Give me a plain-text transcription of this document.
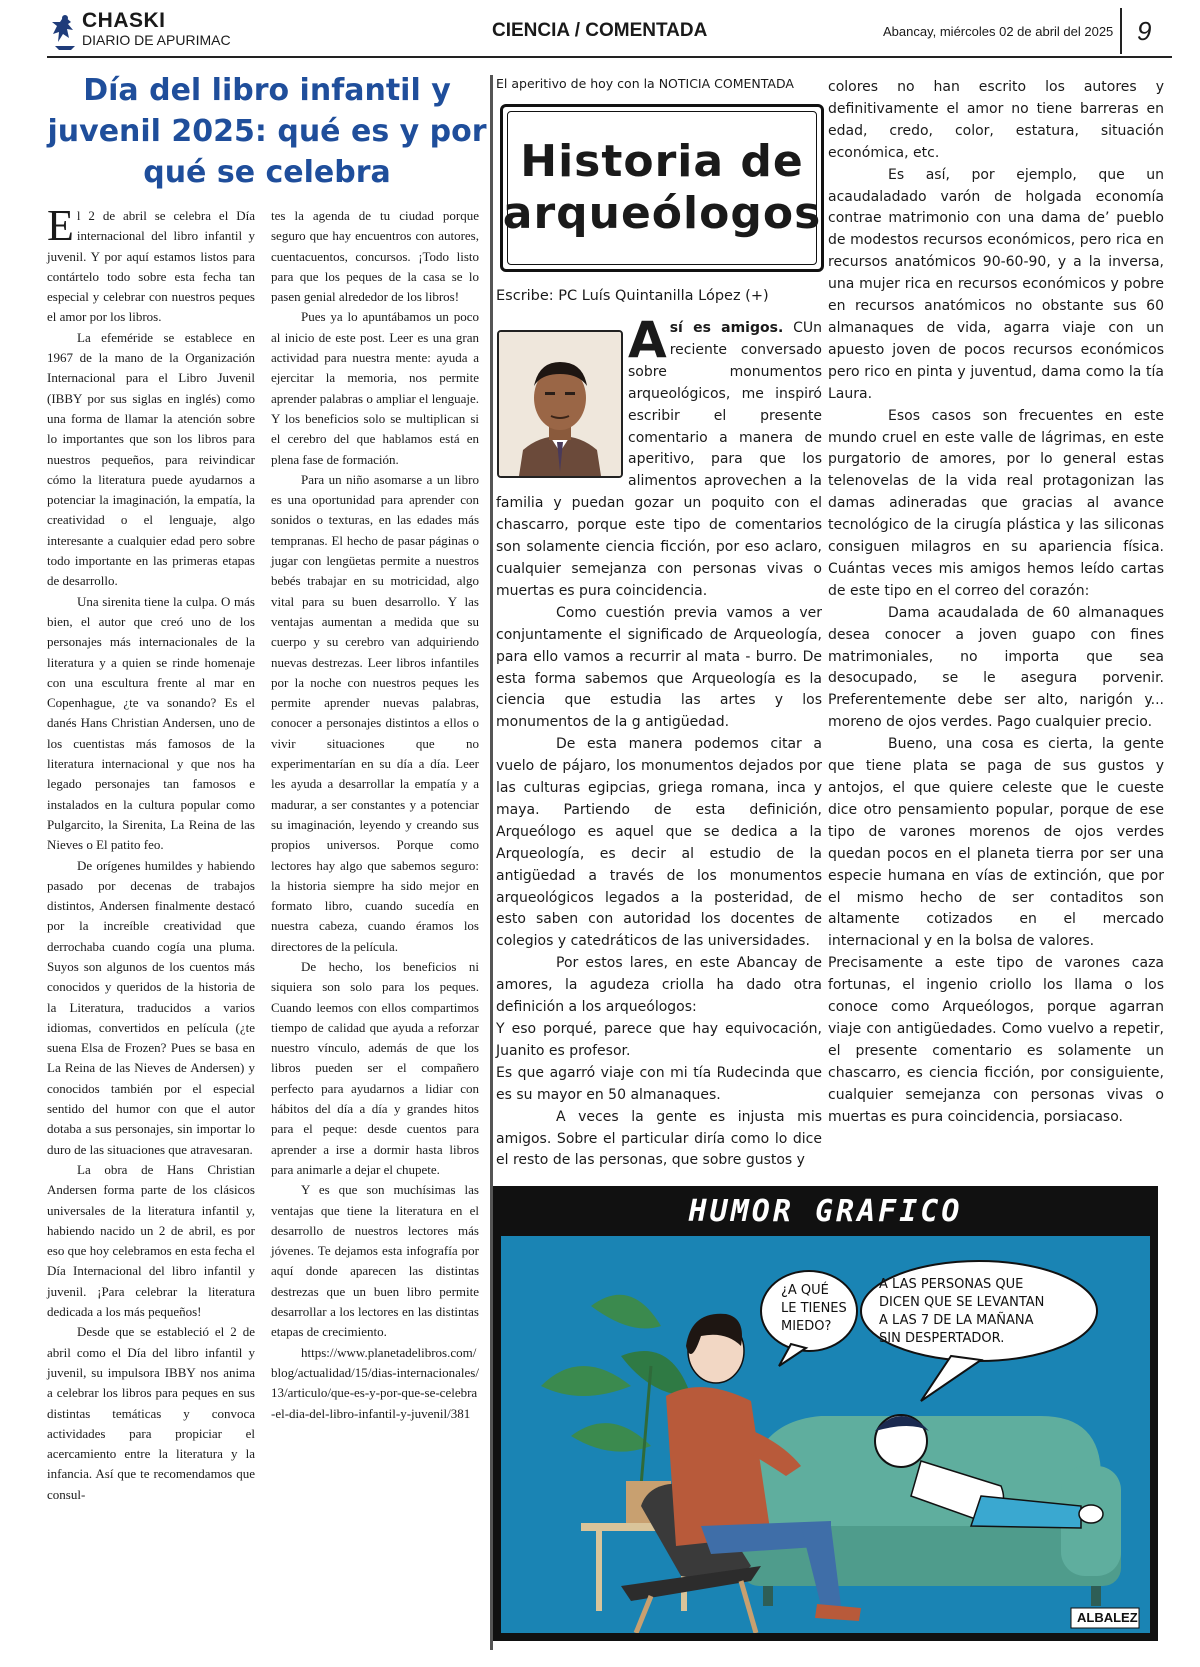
CHASKI
DIARIO DE APURIMAC	CIENCIA / COMENTADA	Abancay, miércoles 02 de abril del 2025 9
Día del libro infantil y juvenil 2025: qué es y por qué se celebra

El 2 de abril se celebra el Día internacional del libro infantil y juvenil. Y por aquí estamos listos para contártelo todo sobre esta fecha tan especial y celebrar con nuestros peques el amor por los libros.

La efeméride se establece en 1967 de la mano de la Organización Internacional para el Libro Juvenil (IBBY por sus siglas en inglés) como una forma de llamar la atención sobre lo importantes que son los libros para nuestros pequeños, para reivindicar cómo la literatura puede ayudarnos a potenciar la imaginación, la empatía, la creatividad o el lenguaje, algo interesante a cualquier edad pero sobre todo importante en las primeras etapas de desarrollo.

Una sirenita tiene la culpa. O más bien, el autor que creó uno de los personajes más internacionales de la literatura y a quien se rinde homenaje con una escultura frente al mar en Copenhague, ¿te va sonando? Es el danés Hans Christian Andersen, uno de los cuentistas más famosos de la literatura internacional y que nos ha legado personajes tan famosos e instalados en la cultura popular como Pulgarcito, la Sirenita, La Reina de las Nieves o El patito feo.

De orígenes humildes y habiendo pasado por decenas de trabajos distintos, Andersen finalmente destacó por la increíble creatividad que derrochaba cuando cogía una pluma. Suyos son algunos de los cuentos más conocidos y queridos de la historia de la Literatura, traducidos a varios idiomas, convertidos en película (¿te suena Elsa de Frozen? Pues se basa en La Reina de las Nieves de Andersen) y conocidos también por el especial sentido del humor con que el autor dotaba a sus personajes, sin importar lo duro de las situaciones que atravesaran.

La obra de Hans Christian Andersen forma parte de los clásicos universales de la literatura infantil y, habiendo nacido un 2 de abril, es por eso que hoy celebramos en esta fecha el Día Internacional del libro infantil y juvenil. ¡Para celebrar la literatura dedicada a los más pequeños!

Desde que se estableció el 2 de abril como el Día del libro infantil y juvenil, su impulsora IBBY nos anima a celebrar los libros para peques en sus distintas temáticas y convoca actividades para propiciar el acercamiento entre la literatura y la infancia. Así que te recomendamos que consul-

tes la agenda de tu ciudad porque seguro que hay encuentros con autores, cuentacuentos, concursos. ¡Todo listo para que los peques de la casa se lo pasen genial alrededor de los libros!

Pues ya lo apuntábamos un poco al inicio de este post. Leer es una gran actividad para nuestra mente: ayuda a ejercitar la memoria, nos permite aprender palabras o ampliar el lenguaje. Y los beneficios solo se multiplican si el cerebro del que hablamos está en plena fase de formación.

Para un niño asomarse a un libro es una oportunidad para aprender con sonidos o texturas, en las edades más tempranas. El hecho de pasar páginas o jugar con lengüetas permite a nuestros bebés trabajar en su motricidad, algo vital para su buen desarrollo. Y las ventajas aumentan a medida que su cuerpo y su cerebro van adquiriendo nuevas destrezas. Leer libros infantiles por la noche con nuestros peques les permite aprender nuevas palabras, conocer a personajes distintos a ellos o vivir situaciones que no experimentarían en su día a día. Leer les ayuda a desarrollar la empatía y a madurar, a ser constantes y a potenciar su imaginación, leyendo y creando sus propios universos. Porque como lectores hay algo que sabemos seguro: la historia siempre ha sido mejor en formato libro, cuando sucedía en nuestra cabeza, cuando éramos los directores de la película.

De hecho, los beneficios ni siquiera son solo para los peques. Cuando leemos con ellos compartimos tiempo de calidad que ayuda a reforzar nuestro vínculo, además de que los libros pueden ser el compañero perfecto para ayudarnos a lidiar con hábitos del día a día y grandes hitos para el peque: desde cuentos para aprender a irse a dormir hasta libros para animarle a dejar el chupete.

Y es que son muchísimas las ventajas que tiene la literatura en el desarrollo de nuestros lectores más jóvenes. Te dejamos esta infografía por aquí donde aparecen las distintas destrezas que un buen libro permite desarrollar a los lectores en las distintas etapas de crecimiento.

https://www.planetadelibros.com/blog/actualidad/15/dias-internacionales/13/articulo/que-es-y-por-que-se-celebra-el-dia-del-libro-infantil-y-juvenil/381

El aperitivo de hoy con la NOTICIA COMENTADA
Historia de arqueólogos
Escribe: PC Luís Quintanilla López (+)

Así es amigos. CUn reciente conversado sobre monumentos arqueológicos, me inspiró escribir el presente comentario a manera de aperitivo, para que los alimentos aprovechen a la familia y puedan gozar un poquito con el chascarro, porque este tipo de comentarios son solamente ciencia ficción, por eso aclaro, cualquier semejanza con personas vivas o muertas es pura coincidencia.

Como cuestión previa vamos a ver conjuntamente el significado de Arqueología, para ello vamos a recurrir al mata - burro. De esta forma sabemos que Arqueología es la ciencia que estudia las artes y los monumentos de la g antigüedad.

De esta manera podemos citar a vuelo de pájaro, los monumentos dejados por las culturas egipcias, griega romana, inca y maya. Partiendo de esta definición, Arqueólogo es aquel que se dedica a la Arqueología, es decir al estudio de la antigüedad a través de los monumentos arqueológicos legados a la posteridad, de esto saben con autoridad los docentes de colegios y catedráticos de las universidades.

Por estos lares, en este Abancay de amores, la agudeza criolla ha dado otra definición a los arqueólogos:

Y eso porqué, parece que hay equivocación, Juanito es profesor.

Es que agarró viaje con mi tía Rudecinda que es su mayor en 50 almanaques.

A veces la gente es injusta mis amigos. Sobre el particular diría como lo dice el resto de las personas, que sobre gustos y

colores no han escrito los autores y definitivamente el amor no tiene barreras en edad, credo, color, estatura, situación económica, etc.

Es así, por ejemplo, que un acaudaladado varón de holgada economía contrae matrimonio con una dama de’ pueblo de modestos recursos económicos, pero rica en recursos anatómicos 90-60-90, y a la inversa, una mujer rica en recursos económicos y pobre en recursos anatómicos no obstante sus 60 almanaques de vida, agarra viaje con un apuesto joven de pocos recursos económicos pero rico en pinta y juventud, dama como la tía Laura.

Esos casos son frecuentes en este mundo cruel en este valle de lágrimas, en este purgatorio de amores, por lo general estas telenovelas de la vida real protagonizan las damas adineradas que gracias al avance tecnológico de la cirugía plástica y las siliconas consiguen milagros en su apariencia física. Cuántas veces mis amigos hemos leído cartas de este tipo en el correo del corazón:

Dama acaudalada de 60 almanaques desea conocer a joven guapo con fines matrimoniales, no importa que sea desocupado, se le asegura porvenir. Preferentemente debe ser alto, narigón y... moreno de ojos verdes. Pago cualquier precio.

Bueno, una cosa es cierta, la gente que tiene plata se paga de sus gustos y antojos, el que quiere celeste que le cueste dice otro pensamiento popular, porque de ese tipo de varones morenos de ojos verdes quedan pocos en el planeta tierra por ser una especie humana en vías de extinción, que por el mismo hecho de ser contaditos son altamente cotizados en el mercado internacional y en la bolsa de valores.

Precisamente a este tipo de varones caza fortunas, el ingenio criollo los llama o los conoce como Arqueólogos, porque agarran viaje con antigüedades. Como vuelvo a repetir, el presente comentario es solamente un chascarro, es ciencia ficción, por consiguiente, cualquier semejanza con personas vivas o muertas es pura coincidencia, porsiacaso.

HUMOR GRAFICO
¿A QUÉ
LE TIENES
MIEDO?
A LAS PERSONAS QUE
DICEN QUE SE LEVANTAN
A LAS 7 DE LA MAÑANA
SIN DESPERTADOR.
ALBALEZ
